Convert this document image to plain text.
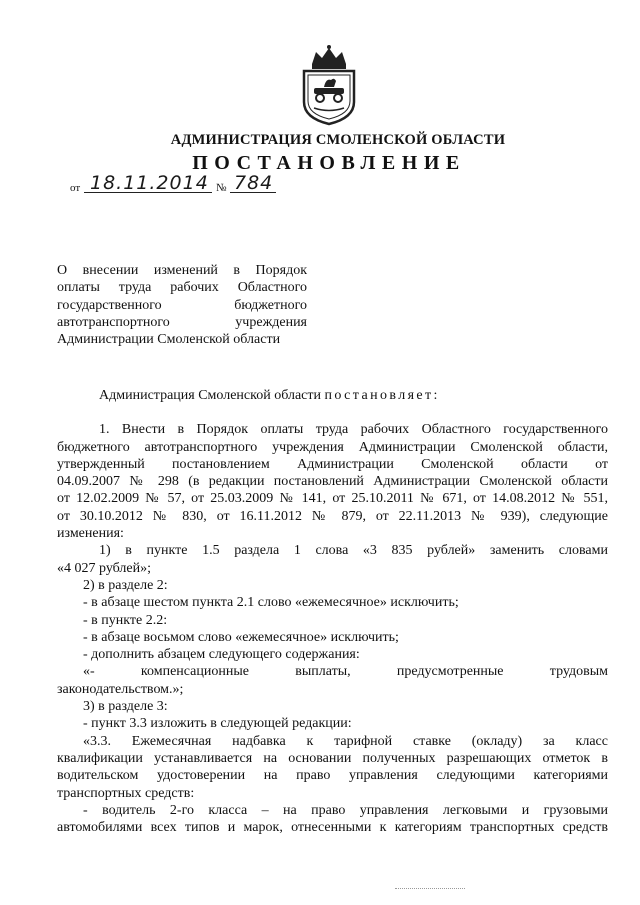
АДМИНИСТРАЦИЯ СМОЛЕНСКОЙ ОБЛАСТИ
ПОСТАНОВЛЕНИЕ
от 18.11.2014 № 784
О внесении изменений в Порядок
оплаты труда рабочих Областного
государственного бюджетного
автотранспортного учреждения
Администрации Смоленской области
Администрация Смоленской области постановляет:
1. Внести в Порядок оплаты труда рабочих Областного государственного
бюджетного автотранспортного учреждения Администрации Смоленской области,
утвержденный постановлением Администрации Смоленской области от
04.09.2007 № 298 (в редакции постановлений Администрации Смоленской области
от 12.02.2009 № 57, от 25.03.2009 № 141, от 25.10.2011 № 671, от 14.08.2012 № 551,
от 30.10.2012 № 830, от 16.11.2012 № 879, от 22.11.2013 № 939), следующие
изменения:
1) в пункте 1.5 раздела 1 слова «3 835 рублей» заменить словами
«4 027 рублей»;
2) в разделе 2:
- в абзаце шестом пункта 2.1 слово «ежемесячное» исключить;
- в пункте 2.2:
- в абзаце восьмом слово «ежемесячное» исключить;
- дополнить абзацем следующего содержания:
«- компенсационные выплаты, предусмотренные трудовым
законодательством.»;
3) в разделе 3:
- пункт 3.3 изложить в следующей редакции:
«3.3. Ежемесячная надбавка к тарифной ставке (окладу) за класс
квалификации устанавливается на основании полученных разрешающих отметок в
водительском удостоверении на право управления следующими категориями
транспортных средств:
- водитель 2-го класса – на право управления легковыми и грузовыми
автомобилями всех типов и марок, отнесенными к категориям транспортных средств
